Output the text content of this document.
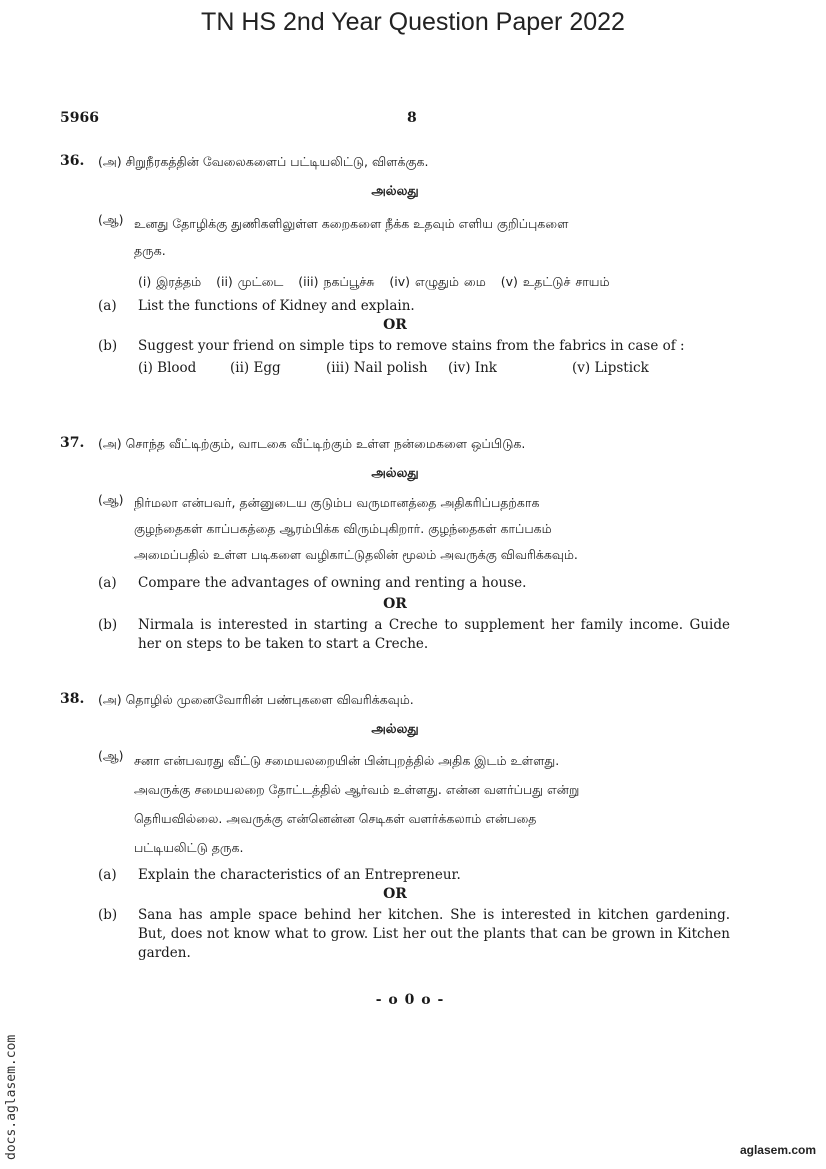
TN HS 2nd Year Question Paper 2022
5966	8
36. (அ) சிறுநீரகத்தின் வேலைகளைப் பட்டியலிட்டு, விளக்குக.
அல்லது
(ஆ) உனது தோழிக்கு துணிகளிலுள்ள கறைகளை நீக்க உதவும் எளிய குறிப்புகளை
தருக.
(i) இரத்தம் (ii) முட்டை (iii) நகப்பூச்சு (iv) எழுதும் மை (v) உதட்டுச் சாயம்
(a) List the functions of Kidney and explain.
OR
(b) Suggest your friend on simple tips to remove stains from the fabrics in case of :
(i) Blood (ii) Egg	(iii) Nail polish (iv) Ink	(v) Lipstick
37. (அ) சொந்த வீட்டிற்கும், வாடகை வீட்டிற்கும் உள்ள நன்மைகளை ஒப்பிடுக.
அல்லது
(ஆ) நிர்மலா என்பவர், தன்னுடைய குடும்ப வருமானத்தை அதிகரிப்பதற்காக
குழந்தைகள் காப்பகத்தை ஆரம்பிக்க விரும்புகிறார். குழந்தைகள் காப்பகம்
அமைப்பதில் உள்ள படிகளை வழிகாட்டுதலின் மூலம் அவருக்கு விவரிக்கவும்.
(a) Compare the advantages of owning and renting a house.
OR
(b) Nirmala is interested in starting a Creche to supplement her family income. Guide her on steps to be taken to start a Creche.
38. (அ) தொழில் முனைவோரின் பண்புகளை விவரிக்கவும்.
அல்லது
(ஆ) சனா என்பவரது வீட்டு சமையலறையின் பின்புறத்தில் அதிக இடம் உள்ளது.
அவருக்கு சமையலறை தோட்டத்தில் ஆர்வம் உள்ளது. என்ன வளர்ப்பது என்று
தெரியவில்லை. அவருக்கு என்னென்ன செடிகள் வளர்க்கலாம் என்பதை
பட்டியலிட்டு தருக.
(a) Explain the characteristics of an Entrepreneur.
OR
(b) Sana has ample space behind her kitchen. She is interested in kitchen gardening. But, does not know what to grow. List her out the plants that can be grown in Kitchen garden.
- o 0 o -
docs.aglasem.com	aglasem.com
